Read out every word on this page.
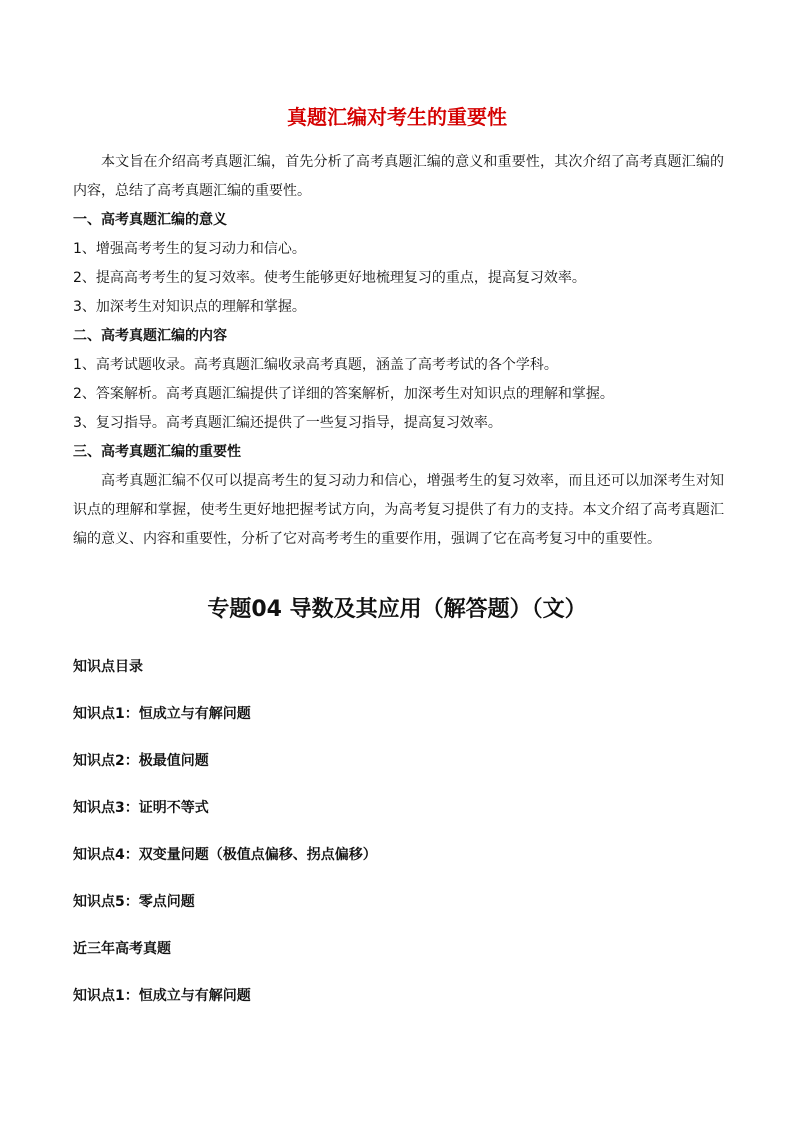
真题汇编对考生的重要性

本文旨在介绍高考真题汇编，首先分析了高考真题汇编的意义和重要性，其次介绍了高考真题汇编的内容，总结了高考真题汇编的重要性。

一、高考真题汇编的意义

1、增强高考考生的复习动力和信心。

2、提高高考考生的复习效率。使考生能够更好地梳理复习的重点，提高复习效率。

3、加深考生对知识点的理解和掌握。

二、高考真题汇编的内容

1、高考试题收录。高考真题汇编收录高考真题，涵盖了高考考试的各个学科。

2、答案解析。高考真题汇编提供了详细的答案解析，加深考生对知识点的理解和掌握。

3、复习指导。高考真题汇编还提供了一些复习指导，提高复习效率。

三、高考真题汇编的重要性

高考真题汇编不仅可以提高考生的复习动力和信心，增强考生的复习效率，而且还可以加深考生对知识点的理解和掌握，使考生更好地把握考试方向，为高考复习提供了有力的支持。本文介绍了高考真题汇编的意义、内容和重要性，分析了它对高考考生的重要作用，强调了它在高考复习中的重要性。

专题04 导数及其应用（解答题）（文）

知识点目录

知识点1：恒成立与有解问题

知识点2：极最值问题

知识点3：证明不等式

知识点4：双变量问题（极值点偏移、拐点偏移）

知识点5：零点问题

近三年高考真题

知识点1：恒成立与有解问题
